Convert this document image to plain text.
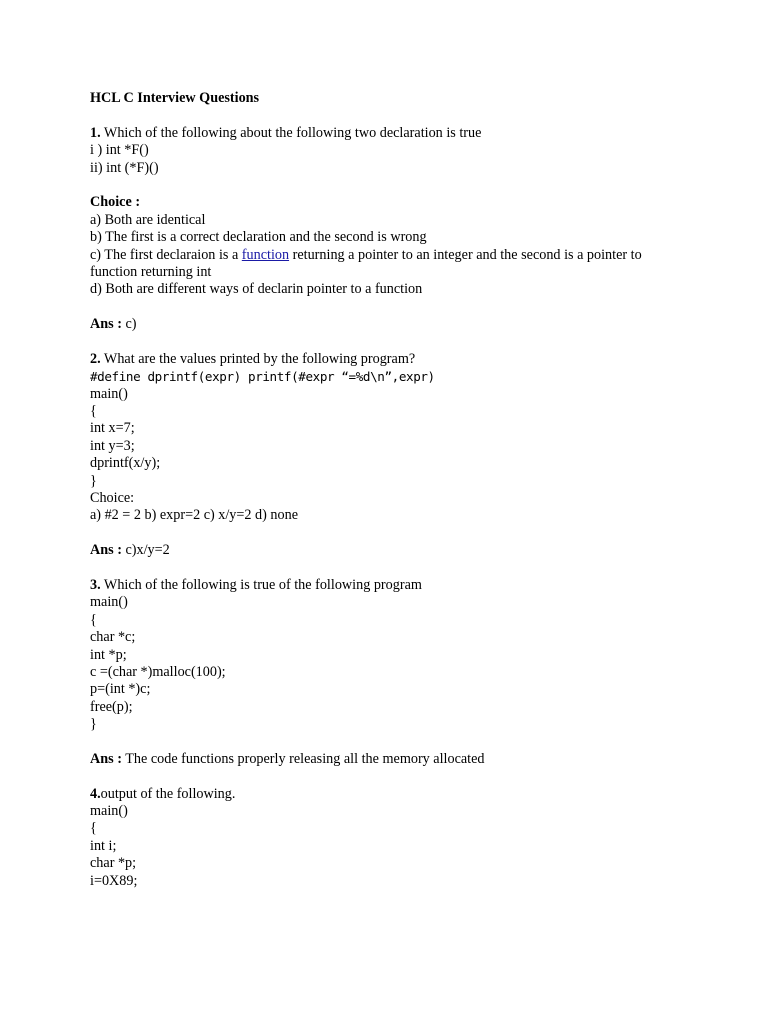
HCL C Interview Questions
1. Which of the following about the following two declaration is true
i ) int *F()
ii) int (*F)()
Choice :
a) Both are identical
b) The first is a correct declaration and the second is wrong
c) The first declaraion is a function returning a pointer to an integer and the second is a pointer to
function returning int
d) Both are different ways of declarin pointer to a function
Ans : c)
2. What are the values printed by the following program?
#define dprintf(expr) printf(#expr “=%d\n”,expr)
main()
{
int x=7;
int y=3;
dprintf(x/y);
}
Choice:
a) #2 = 2 b) expr=2 c) x/y=2 d) none
Ans : c)x/y=2
3. Which of the following is true of the following program
main()
{
char *c;
int *p;
c =(char *)malloc(100);
p=(int *)c;
free(p);
}
Ans : The code functions properly releasing all the memory allocated
4.output of the following.
main()
{
int i;
char *p;
i=0X89;
